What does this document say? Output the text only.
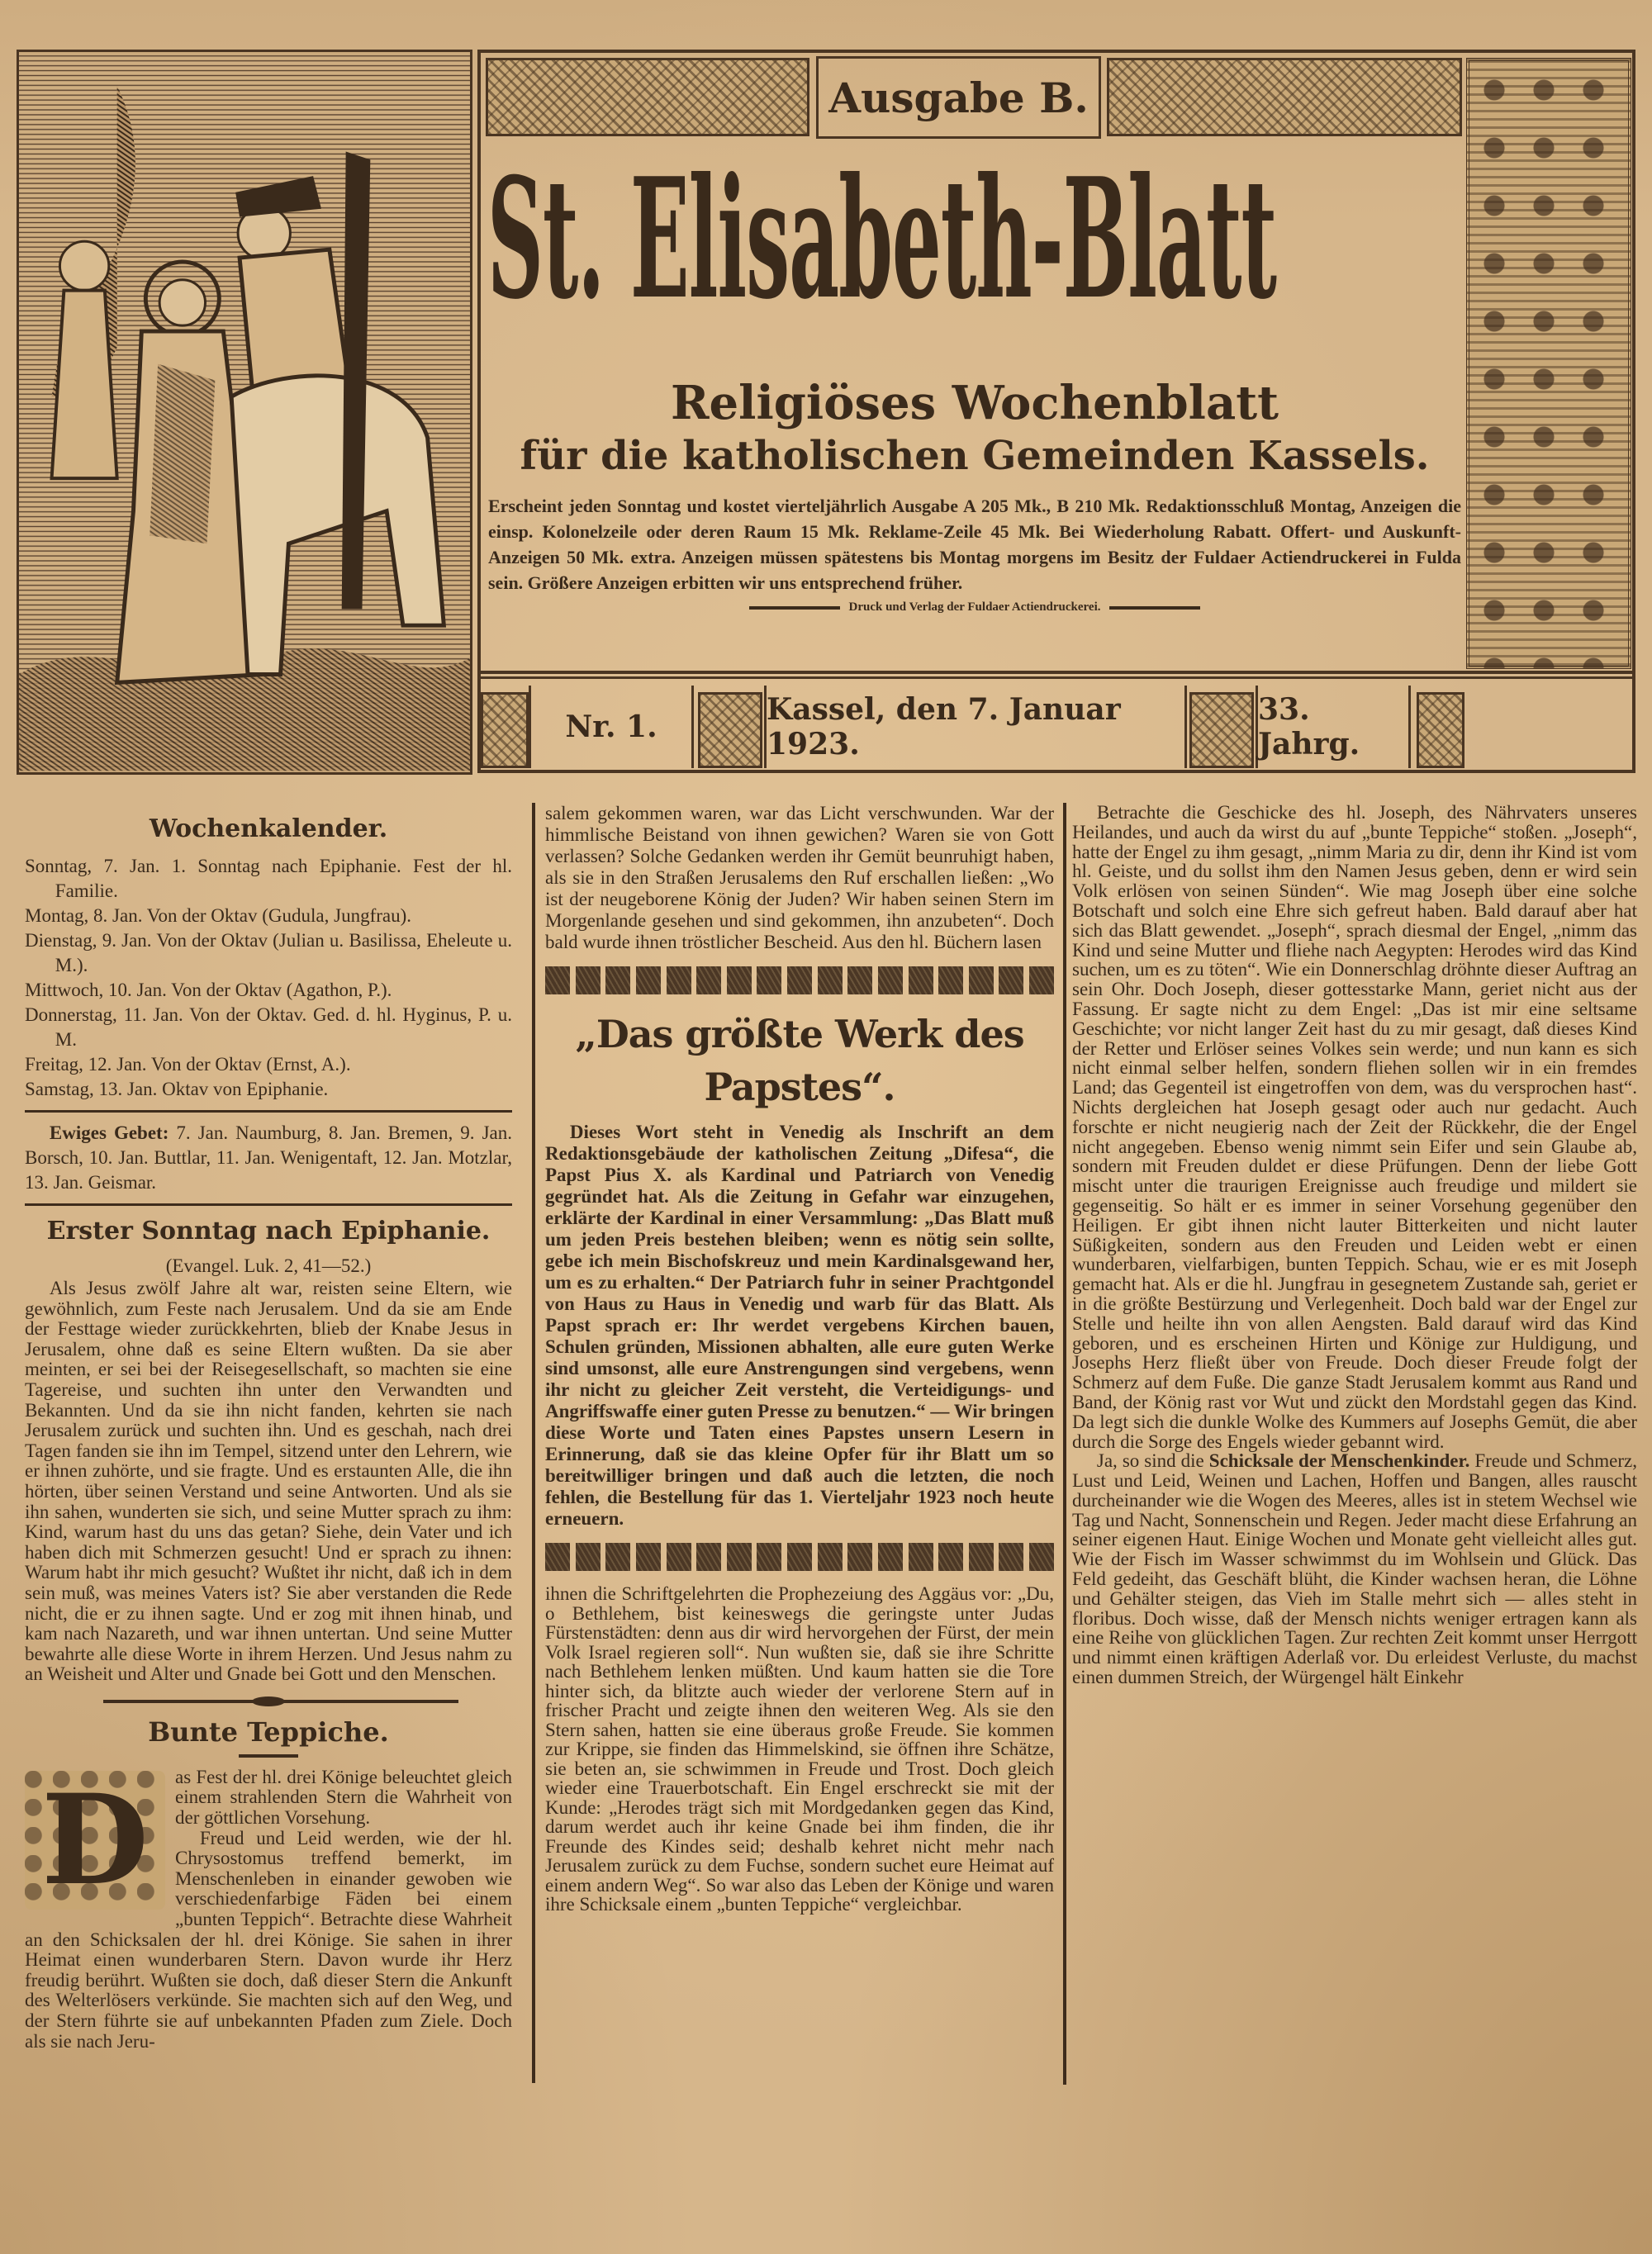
Ausgabe B.
St. Elisabeth-Blatt
Religiöses Wochenblatt
für die katholischen Gemeinden Kassels.
Erscheint jeden Sonntag und kostet vierteljährlich Ausgabe A 205 Mk., B 210 Mk. Redaktionsschluß Montag, Anzeigen die einsp. Kolonelzeile oder deren Raum 15 Mk. Reklame-Zeile 45 Mk. Bei Wiederholung Rabatt. Offert- und Auskunft-Anzeigen 50 Mk. extra. Anzeigen müssen spätestens bis Montag morgens im Besitz der Fuldaer Actiendruckerei in Fulda sein. Größere Anzeigen erbitten wir uns entsprechend früher.
Druck und Verlag der Fuldaer Actiendruckerei.
Nr. 1.	Kassel, den 7. Januar 1923.
33. Jahrg.
Wochenkalender.
Sonntag, 7. Jan. 1. Sonntag nach Epiphanie. Fest der hl. Familie.
Montag, 8. Jan. Von der Oktav (Gudula, Jungfrau).
Dienstag, 9. Jan. Von der Oktav (Julian u. Basilissa, Eheleute u. M.).
Mittwoch, 10. Jan. Von der Oktav (Agathon, P.).
Donnerstag, 11. Jan. Von der Oktav. Ged. d. hl. Hyginus, P. u. M.
Freitag, 12. Jan. Von der Oktav (Ernst, A.).
Samstag, 13. Jan. Oktav von Epiphanie.

Ewiges Gebet: 7. Jan. Naumburg, 8. Jan. Bremen, 9. Jan. Borsch, 10. Jan. Buttlar, 11. Jan. Wenigentaft, 12. Jan. Motzlar, 13. Jan. Geismar.

Erster Sonntag nach Epiphanie.
(Evangel. Luk. 2, 41—52.)

Als Jesus zwölf Jahre alt war, reisten seine Eltern, wie gewöhnlich, zum Feste nach Jerusalem. Und da sie am Ende der Festtage wieder zurückkehrten, blieb der Knabe Jesus in Jerusalem, ohne daß es seine Eltern wußten. Da sie aber meinten, er sei bei der Reisegesellschaft, so machten sie eine Tagereise, und suchten ihn unter den Verwandten und Bekannten. Und da sie ihn nicht fanden, kehrten sie nach Jerusalem zurück und suchten ihn. Und es geschah, nach drei Tagen fanden sie ihn im Tempel, sitzend unter den Lehrern, wie er ihnen zuhörte, und sie fragte. Und es erstaunten Alle, die ihn hörten, über seinen Verstand und seine Antworten. Und als sie ihn sahen, wunderten sie sich, und seine Mutter sprach zu ihm: Kind, warum hast du uns das getan? Siehe, dein Vater und ich haben dich mit Schmerzen gesucht! Und er sprach zu ihnen: Warum habt ihr mich gesucht? Wußtet ihr nicht, daß ich in dem sein muß, was meines Vaters ist? Sie aber verstanden die Rede nicht, die er zu ihnen sagte. Und er zog mit ihnen hinab, und kam nach Nazareth, und war ihnen untertan. Und seine Mutter bewahrte alle diese Worte in ihrem Herzen. Und Jesus nahm zu an Weisheit und Alter und Gnade bei Gott und den Menschen.

Bunte Teppiche.
D	as Fest der hl. drei Könige beleuchtet gleich einem strahlenden Stern die Wahrheit von der göttlichen Vorsehung.

Freud und Leid werden, wie der hl. Chrysostomus treffend bemerkt, im Menschenleben in einander gewoben wie verschiedenfarbige Fäden bei einem „bunten Teppich“. Betrachte diese Wahrheit an den Schicksalen der hl. drei Könige. Sie sahen in ihrer Heimat einen wunderbaren Stern. Davon wurde ihr Herz freudig berührt. Wußten sie doch, daß dieser Stern die Ankunft des Welterlösers verkünde. Sie machten sich auf den Weg, und der Stern führte sie auf unbekannten Pfaden zum Ziele. Doch als sie nach Jeru-

salem gekommen waren, war das Licht verschwunden. War der himmlische Beistand von ihnen gewichen? Waren sie von Gott verlassen? Solche Gedanken werden ihr Gemüt beunruhigt haben, als sie in den Straßen Jerusalems den Ruf erschallen ließen: „Wo ist der neugeborene König der Juden? Wir haben seinen Stern im Morgenlande gesehen und sind gekommen, ihn anzubeten“. Doch bald wurde ihnen tröstlicher Bescheid. Aus den hl. Büchern lasen

„Das größte Werk des Papstes“.

Dieses Wort steht in Venedig als Inschrift an dem Redaktionsgebäude der katholischen Zeitung „Difesa“, die Papst Pius X. als Kardinal und Patriarch von Venedig gegründet hat. Als die Zeitung in Gefahr war einzugehen, erklärte der Kardinal in einer Versammlung: „Das Blatt muß um jeden Preis bestehen bleiben; wenn es nötig sein sollte, gebe ich mein Bischofskreuz und mein Kardinalsgewand her, um es zu erhalten.“ Der Patriarch fuhr in seiner Prachtgondel von Haus zu Haus in Venedig und warb für das Blatt. Als Papst sprach er: Ihr werdet vergebens Kirchen bauen, Schulen gründen, Missionen abhalten, alle eure guten Werke sind umsonst, alle eure Anstrengungen sind vergebens, wenn ihr nicht zu gleicher Zeit versteht, die Verteidigungs- und Angriffswaffe einer guten Presse zu benutzen.“ — Wir bringen diese Worte und Taten eines Papstes unsern Lesern in Erinnerung, daß sie das kleine Opfer für ihr Blatt um so bereitwilliger bringen und daß auch die letzten, die noch fehlen, die Bestellung für das 1. Vierteljahr 1923 noch heute erneuern.

ihnen die Schriftgelehrten die Prophezeiung des Aggäus vor: „Du, o Bethlehem, bist keineswegs die geringste unter Judas Fürstenstädten: denn aus dir wird hervorgehen der Fürst, der mein Volk Israel regieren soll“. Nun wußten sie, daß sie ihre Schritte nach Bethlehem lenken müßten. Und kaum hatten sie die Tore hinter sich, da blitzte auch wieder der verlorene Stern auf in frischer Pracht und zeigte ihnen den weiteren Weg. Als sie den Stern sahen, hatten sie eine überaus große Freude. Sie kommen zur Krippe, sie finden das Himmelskind, sie öffnen ihre Schätze, sie beten an, sie schwimmen in Freude und Trost. Doch gleich wieder eine Trauerbotschaft. Ein Engel erschreckt sie mit der Kunde: „Herodes trägt sich mit Mordgedanken gegen das Kind, darum werdet auch ihr keine Gnade bei ihm finden, die ihr Freunde des Kindes seid; deshalb kehret nicht mehr nach Jerusalem zurück zu dem Fuchse, sondern suchet eure Heimat auf einem andern Weg“. So war also das Leben der Könige und waren ihre Schicksale einem „bunten Teppiche“ vergleichbar.

Betrachte die Geschicke des hl. Joseph, des Nährvaters unseres Heilandes, und auch da wirst du auf „bunte Teppiche“ stoßen. „Joseph“, hatte der Engel zu ihm gesagt, „nimm Maria zu dir, denn ihr Kind ist vom hl. Geiste, und du sollst ihm den Namen Jesus geben, denn er wird sein Volk erlösen von seinen Sünden“. Wie mag Joseph über eine solche Botschaft und solch eine Ehre sich gefreut haben. Bald darauf aber hat sich das Blatt gewendet. „Joseph“, sprach diesmal der Engel, „nimm das Kind und seine Mutter und fliehe nach Aegypten: Herodes wird das Kind suchen, um es zu töten“. Wie ein Donnerschlag dröhnte dieser Auftrag an sein Ohr. Doch Joseph, dieser gottesstarke Mann, geriet nicht aus der Fassung. Er sagte nicht zu dem Engel: „Das ist mir eine seltsame Geschichte; vor nicht langer Zeit hast du zu mir gesagt, daß dieses Kind der Retter und Erlöser seines Volkes sein werde; und nun kann es sich nicht einmal selber helfen, sondern fliehen sollen wir in ein fremdes Land; das Gegenteil ist eingetroffen von dem, was du versprochen hast“. Nichts dergleichen hat Joseph gesagt oder auch nur gedacht. Auch forschte er nicht neugierig nach der Zeit der Rückkehr, die der Engel nicht angegeben. Ebenso wenig nimmt sein Eifer und sein Glaube ab, sondern mit Freuden duldet er diese Prüfungen. Denn der liebe Gott mischt unter die traurigen Ereignisse auch freudige und mildert sie gegenseitig. So hält er es immer in seiner Vorsehung gegenüber den Heiligen. Er gibt ihnen nicht lauter Bitterkeiten und nicht lauter Süßigkeiten, sondern aus den Freuden und Leiden webt er einen wunderbaren, vielfarbigen, bunten Teppich. Schau, wie er es mit Joseph gemacht hat. Als er die hl. Jungfrau in gesegnetem Zustande sah, geriet er in die größte Bestürzung und Verlegenheit. Doch bald war der Engel zur Stelle und heilte ihn von allen Aengsten. Bald darauf wird das Kind geboren, und es erscheinen Hirten und Könige zur Huldigung, und Josephs Herz fließt über von Freude. Doch dieser Freude folgt der Schmerz auf dem Fuße. Die ganze Stadt Jerusalem kommt aus Rand und Band, der König rast vor Wut und zückt den Mordstahl gegen das Kind. Da legt sich die dunkle Wolke des Kummers auf Josephs Gemüt, die aber durch die Sorge des Engels wieder gebannt wird.

Ja, so sind die Schicksale der Menschenkinder. Freude und Schmerz, Lust und Leid, Weinen und Lachen, Hoffen und Bangen, alles rauscht durcheinander wie die Wogen des Meeres, alles ist in stetem Wechsel wie Tag und Nacht, Sonnenschein und Regen. Jeder macht diese Erfahrung an seiner eigenen Haut. Einige Wochen und Monate geht vielleicht alles gut. Wie der Fisch im Wasser schwimmst du im Wohlsein und Glück. Das Feld gedeiht, das Geschäft blüht, die Kinder wachsen heran, die Löhne und Gehälter steigen, das Vieh im Stalle mehrt sich — alles steht in floribus. Doch wisse, daß der Mensch nichts weniger ertragen kann als eine Reihe von glücklichen Tagen. Zur rechten Zeit kommt unser Herrgott und nimmt einen kräftigen Aderlaß vor. Du erleidest Verluste, du machst einen dummen Streich, der Würgengel hält Einkehr
